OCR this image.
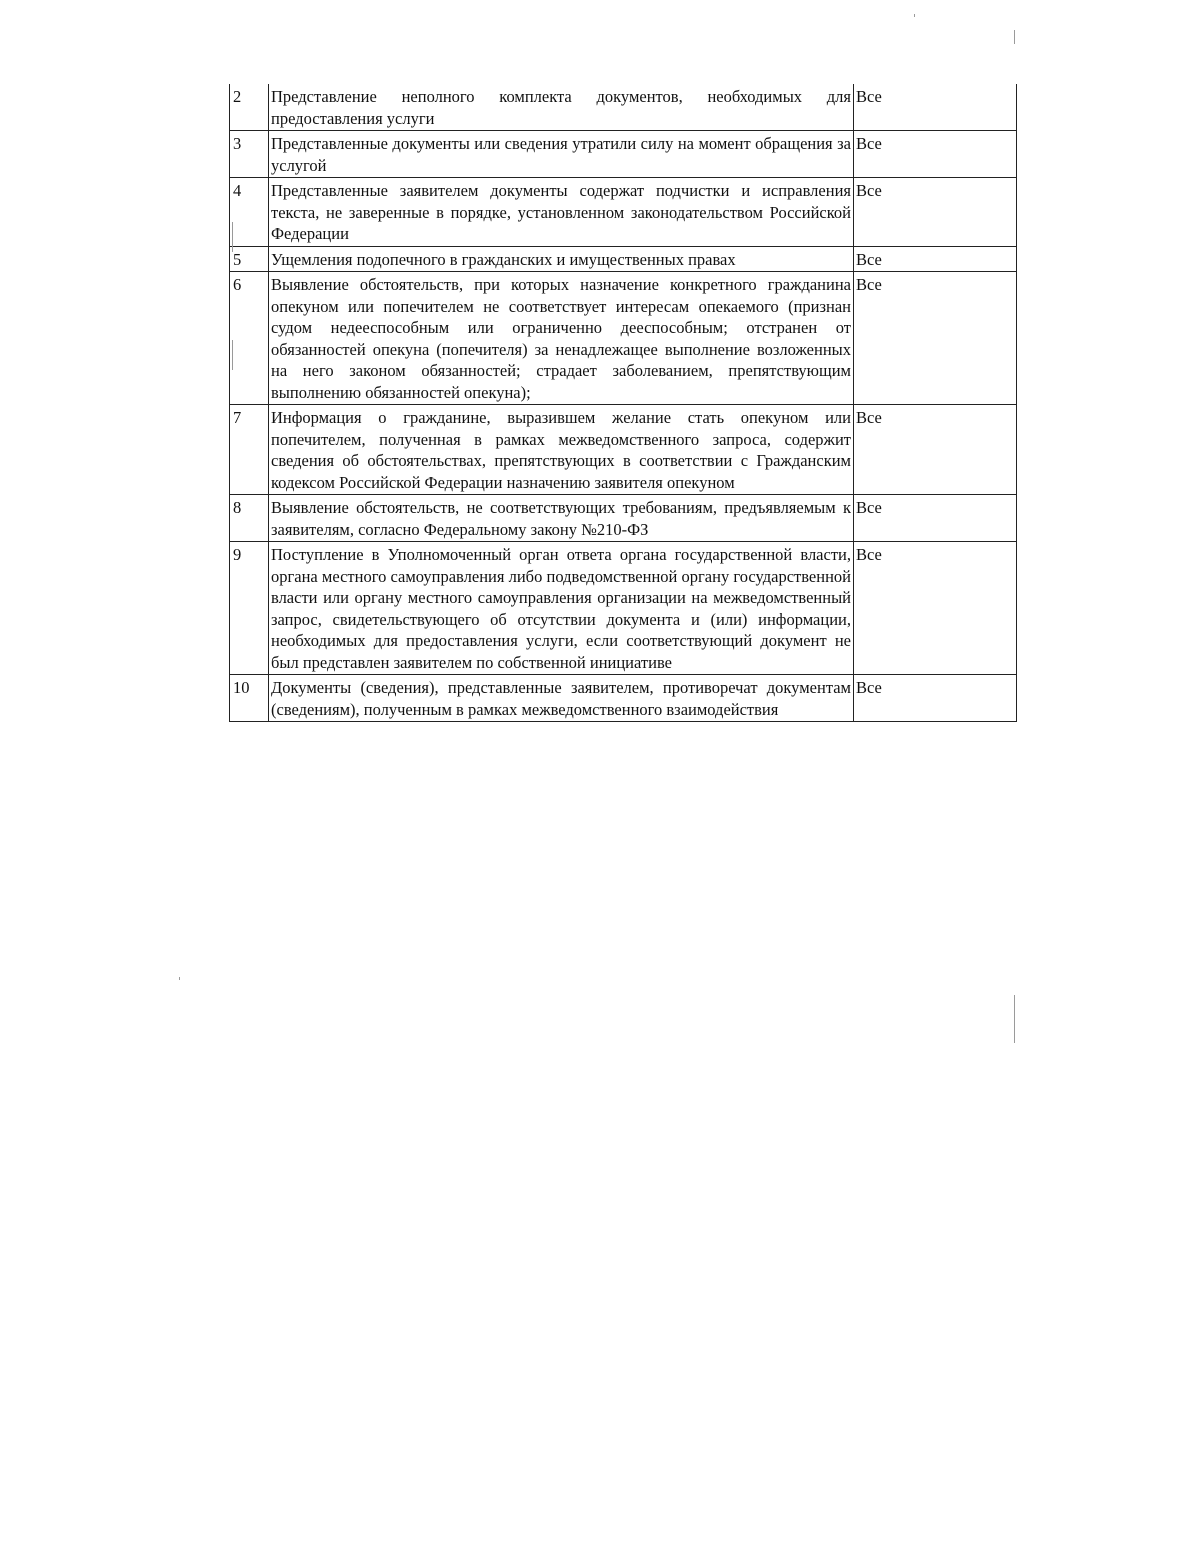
2	Представление неполного комплекта документов, необходимых для предоставления услуги	Все
3	Представленные документы или сведения утратили силу на момент обращения за услугой	Все
4	Представленные заявителем документы содержат подчистки и исправления текста, не заверенные в порядке, установленном законодательством Российской Федерации	Все
5	Ущемления подопечного в гражданских и имущественных правах	Все
6	Выявление обстоятельств, при которых назначение конкретного гражданина опекуном или попечителем не соответствует интересам опекаемого (признан судом недееспособным или ограниченно дееспособным; отстранен от обязанностей опекуна (попечителя) за ненадлежащее выполнение возложенных на него законом обязанностей; страдает заболеванием, препятствующим выполнению обязанностей опекуна);	Все
7	Информация о гражданине, выразившем желание стать опекуном или попечителем, полученная в рамках межведомственного запроса, содержит сведения об обстоятельствах, препятствующих в соответствии с Гражданским кодексом Российской Федерации назначению заявителя опекуном	Все
8	Выявление обстоятельств, не соответствующих требованиям, предъявляемым к заявителям, согласно Федеральному закону №210-ФЗ	Все
9	Поступление в Уполномоченный орган ответа органа государственной власти, органа местного самоуправления либо подведомственной органу государственной власти или органу местного самоуправления организации на межведомственный запрос, свидетельствующего об отсутствии документа и (или) информации, необходимых для предоставления услуги, если соответствующий документ не был представлен заявителем по собственной инициативе	Все
10	Документы (сведения), представленные заявителем, противоречат документам (сведениям), полученным в рамках межведомственного взаимодействия	Все
